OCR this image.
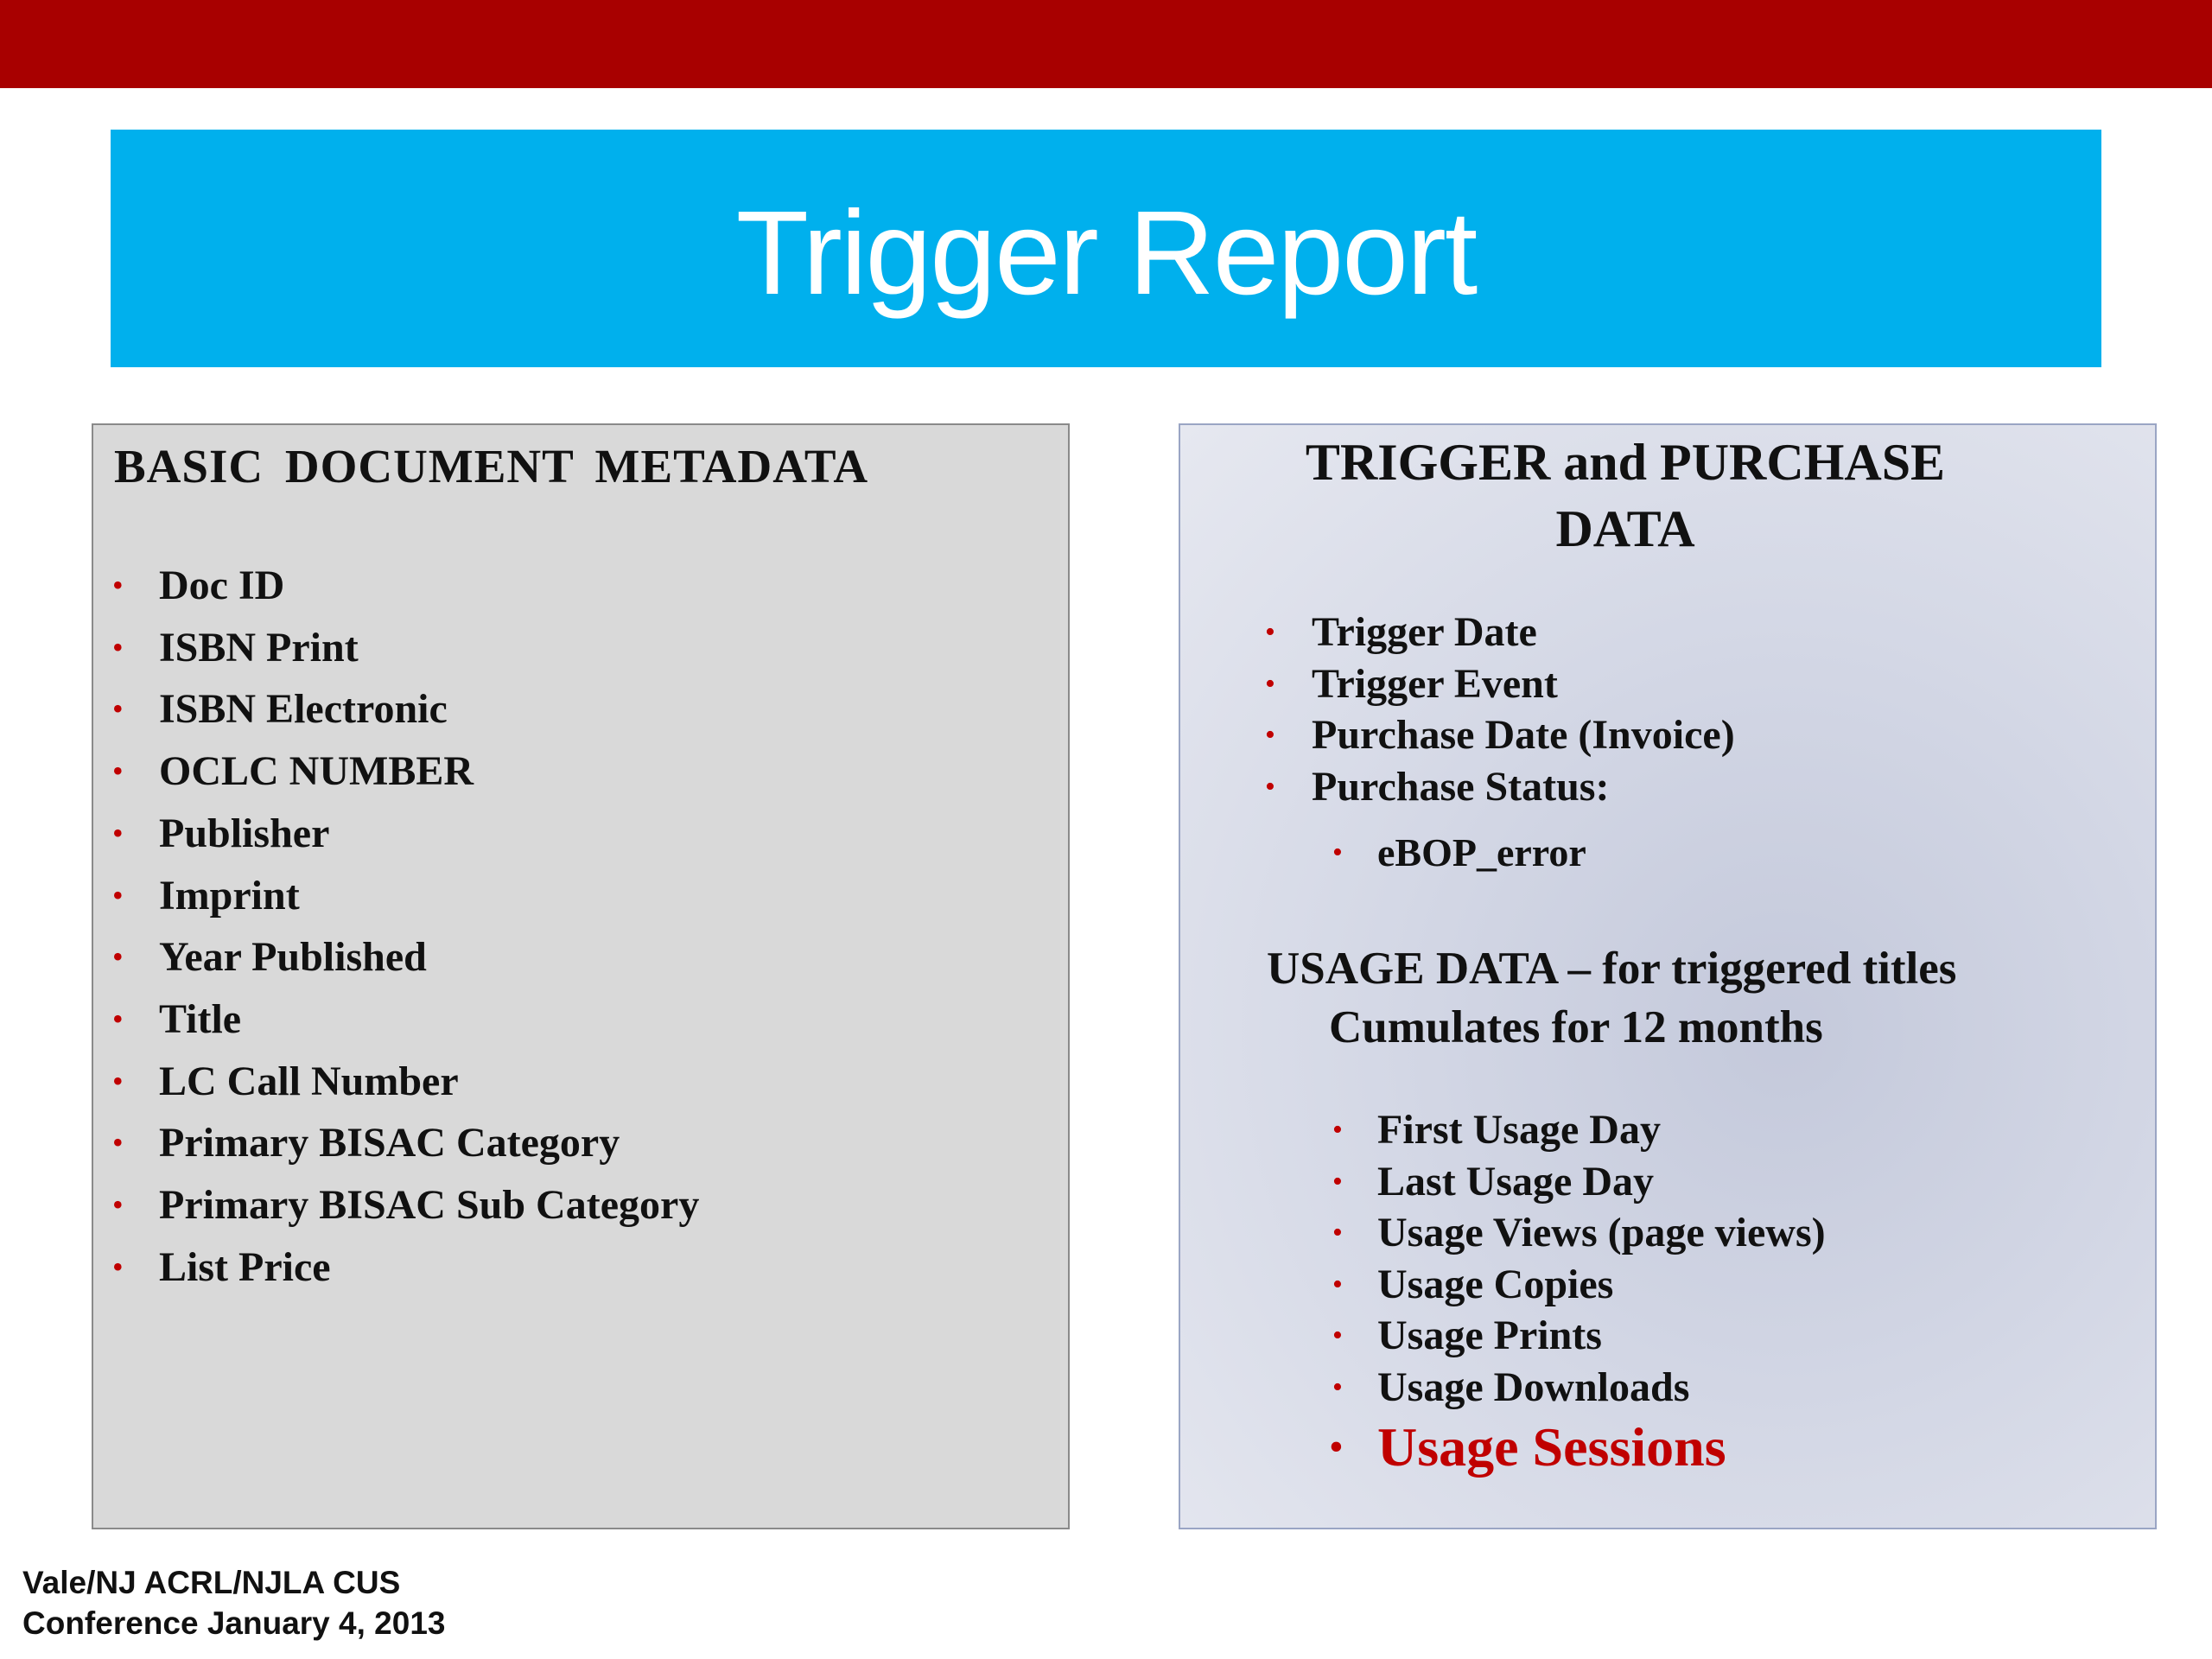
Trigger Report
BASIC DOCUMENT METADATA
• Doc ID
• ISBN Print
• ISBN Electronic
• OCLC NUMBER
• Publisher
• Imprint
• Year Published
• Title
• LC Call Number
• Primary BISAC Category
• Primary BISAC Sub Category
• List Price
TRIGGER and PURCHASE
DATA
• Trigger Date
• Trigger Event
• Purchase Date (Invoice)
• Purchase Status:
• eBOP_error
USAGE DATA – for triggered titles
Cumulates for 12 months
• First Usage Day
• Last Usage Day
• Usage Views (page views)
• Usage Copies
• Usage Prints
• Usage Downloads
• Usage Sessions
Vale/NJ ACRL/NJLA CUS
Conference January 4, 2013
